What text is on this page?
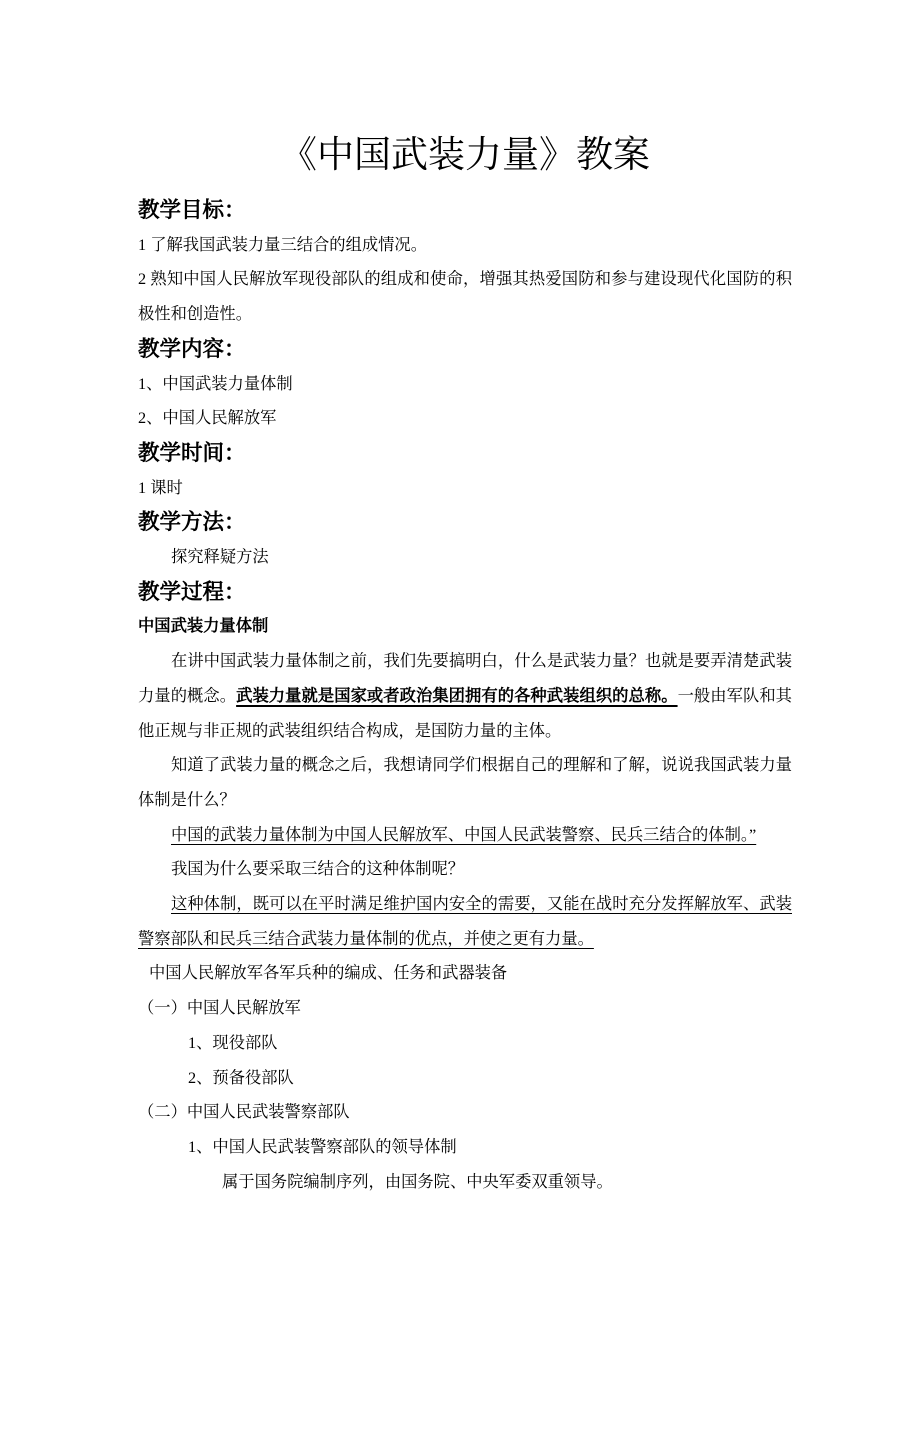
《中国武装力量》教案
教学目标：
1 了解我国武装力量三结合的组成情况。
2 熟知中国人民解放军现役部队的组成和使命，增强其热爱国防和参与建设现代化国防的积极性和创造性。
教学内容：
1、中国武装力量体制
2、中国人民解放军
教学时间：
1 课时
教学方法：
探究释疑方法
教学过程：
中国武装力量体制

在讲中国武装力量体制之前，我们先要搞明白，什么是武装力量？也就是要弄清楚武装力量的概念。武装力量就是国家或者政治集团拥有的各种武装组织的总称。一般由军队和其他正规与非正规的武装组织结合构成，是国防力量的主体。

知道了武装力量的概念之后，我想请同学们根据自己的理解和了解，说说我国武装力量体制是什么？

中国的武装力量体制为中国人民解放军、中国人民武装警察、民兵三结合的体制。”

我国为什么要采取三结合的这种体制呢？

这种体制，既可以在平时满足维护国内安全的需要，又能在战时充分发挥解放军、武装警察部队和民兵三结合武装力量体制的优点，并使之更有力量。

中国人民解放军各军兵种的编成、任务和武器装备
（一）中国人民解放军
1、现役部队
2、预备役部队
（二）中国人民武装警察部队
1、中国人民武装警察部队的领导体制
属于国务院编制序列，由国务院、中央军委双重领导。
